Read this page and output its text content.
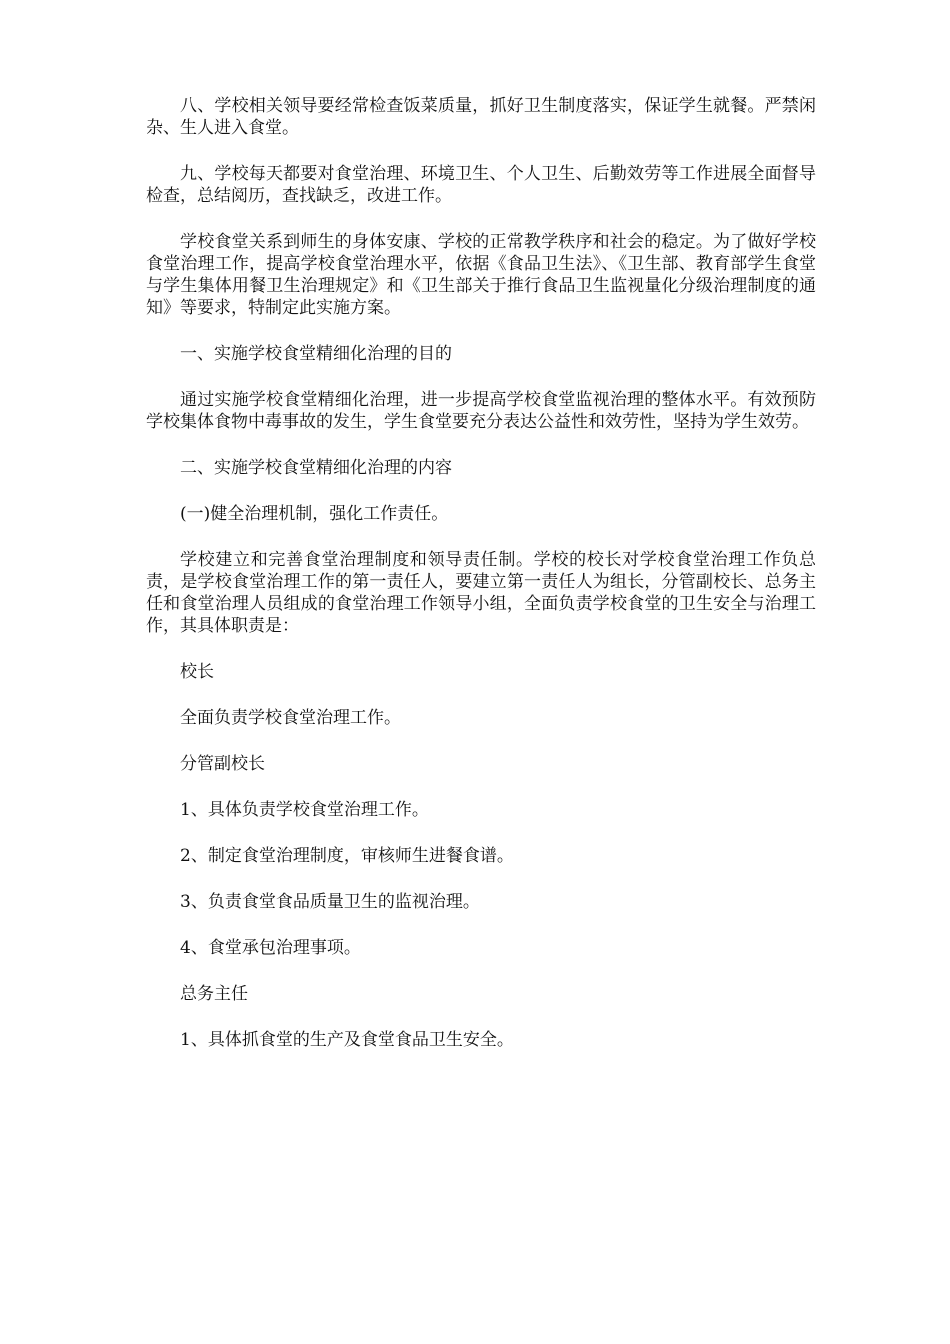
八、学校相关领导要经常检查饭菜质量，抓好卫生制度落实，保证学生就餐。严禁闲杂、生人进入食堂。

九、学校每天都要对食堂治理、环境卫生、个人卫生、后勤效劳等工作进展全面督导检查，总结阅历，查找缺乏，改进工作。

学校食堂关系到师生的身体安康、学校的正常教学秩序和社会的稳定。为了做好学校食堂治理工作，提高学校食堂治理水平，依据《食品卫生法》、《卫生部、教育部学生食堂与学生集体用餐卫生治理规定》和《卫生部关于推行食品卫生监视量化分级治理制度的通知》等要求，特制定此实施方案。

一、实施学校食堂精细化治理的目的

通过实施学校食堂精细化治理，进一步提高学校食堂监视治理的整体水平。有效预防学校集体食物中毒事故的发生，学生食堂要充分表达公益性和效劳性，坚持为学生效劳。

二、实施学校食堂精细化治理的内容

(一)健全治理机制，强化工作责任。

学校建立和完善食堂治理制度和领导责任制。学校的校长对学校食堂治理工作负总责，是学校食堂治理工作的第一责任人，要建立第一责任人为组长，分管副校长、总务主任和食堂治理人员组成的食堂治理工作领导小组，全面负责学校食堂的卫生安全与治理工作，其具体职责是：

校长

全面负责学校食堂治理工作。

分管副校长

1、具体负责学校食堂治理工作。

2、制定食堂治理制度，审核师生进餐食谱。

3、负责食堂食品质量卫生的监视治理。

4、食堂承包治理事项。

总务主任

1、具体抓食堂的生产及食堂食品卫生安全。
